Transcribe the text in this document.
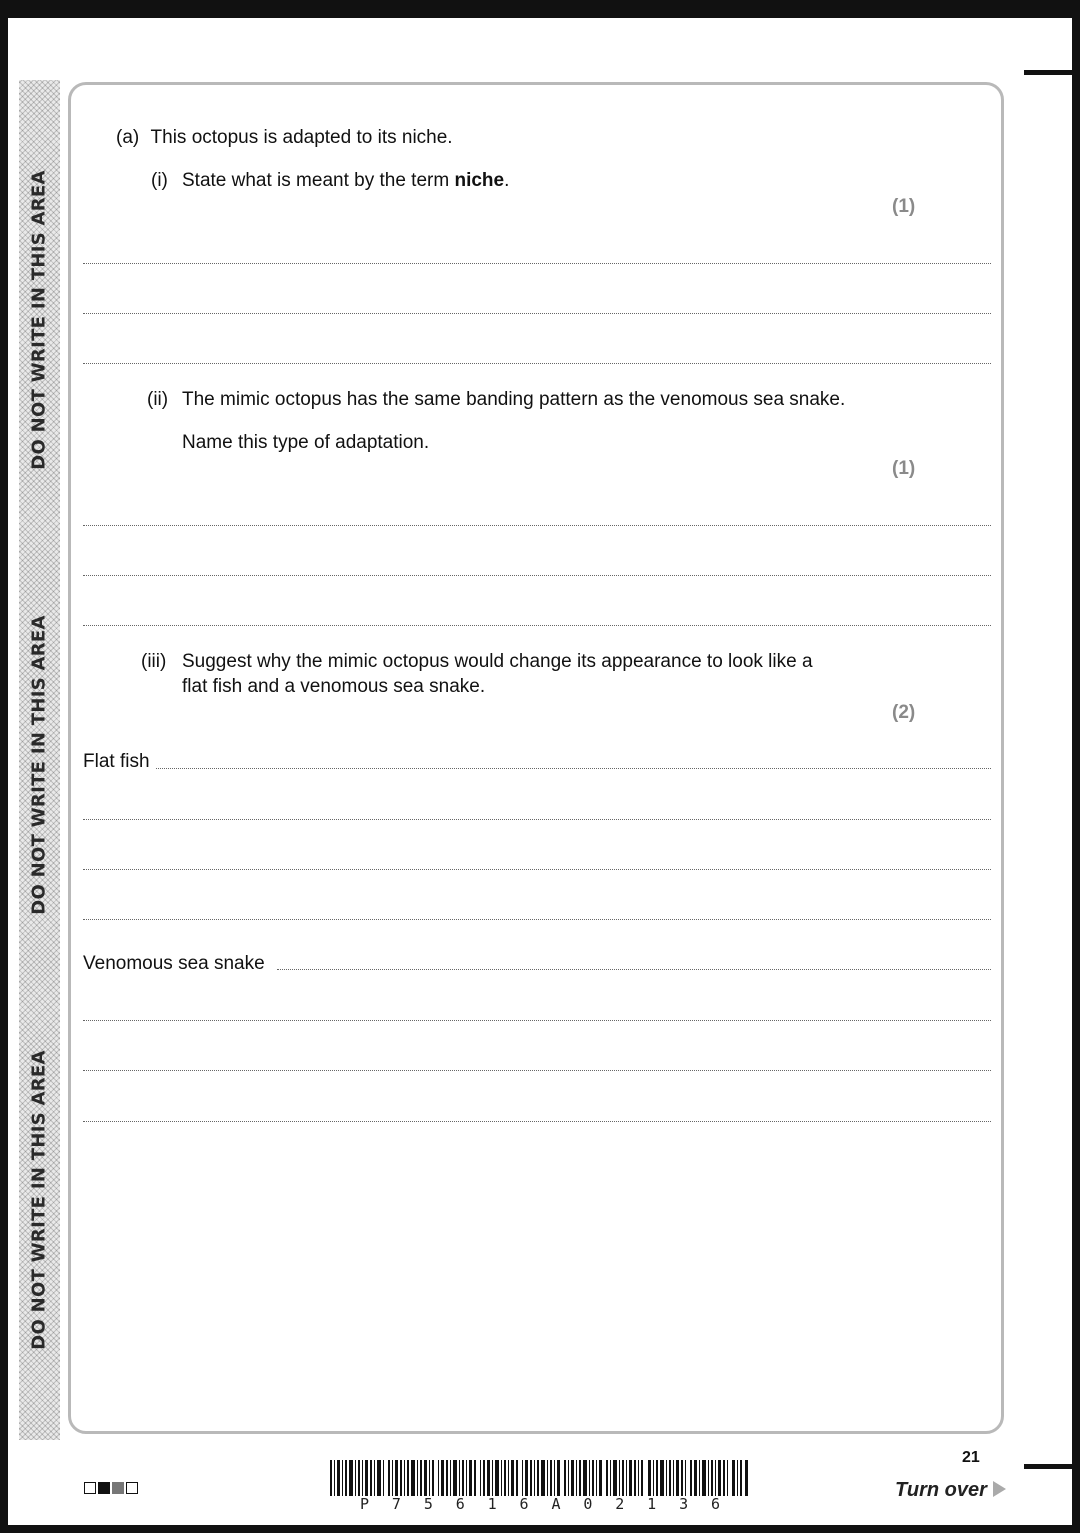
DO NOT WRITE IN THIS AREA
DO NOT WRITE IN THIS AREA
DO NOT WRITE IN THIS AREA
(a) This octopus is adapted to its niche.
(i) State what is meant by the term niche.
(1)
(ii) The mimic octopus has the same banding pattern as the venomous sea snake.
Name this type of adaptation.
(1)
(iii) Suggest why the mimic octopus would change its appearance to look like a
flat fish and a venomous sea snake.
(2)
Flat fish
Venomous sea snake
P 7 5 6 1 6 A 0 2 1 3 6
21
Turn over
